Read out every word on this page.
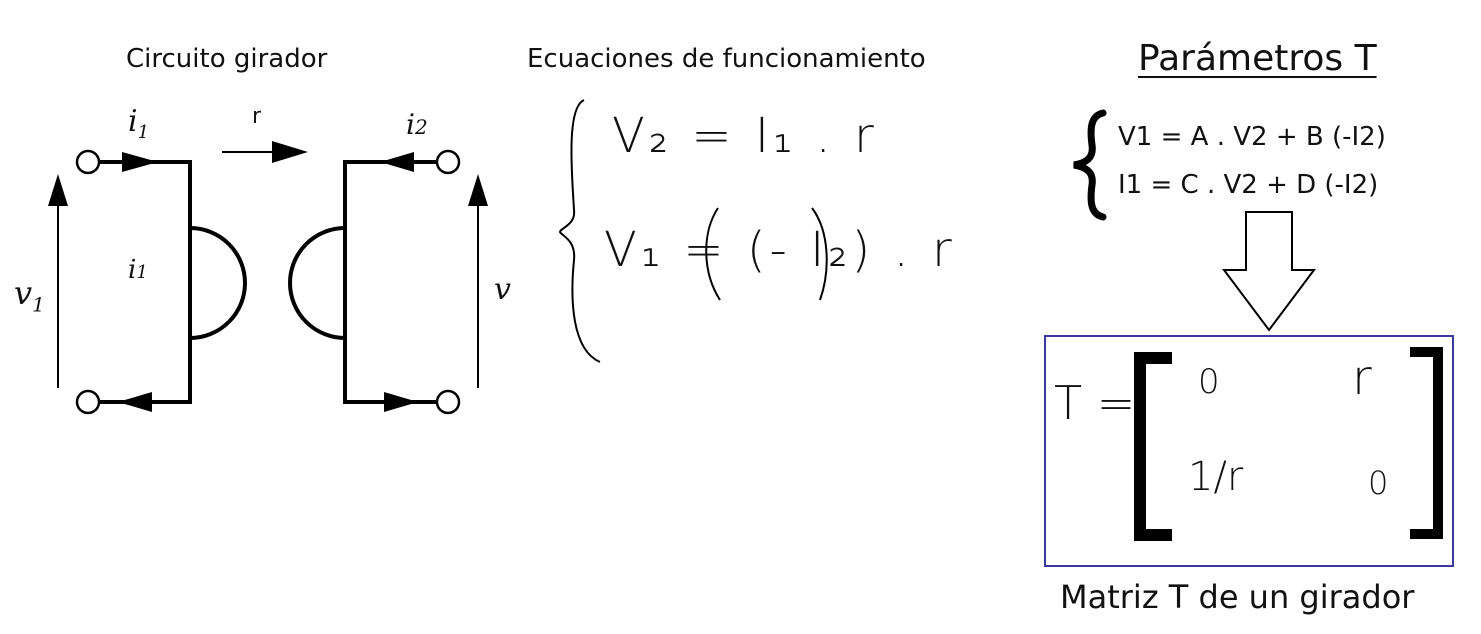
Circuito girador
$i_1$
r	i2
i1
$v_1$	v
Ecuaciones de funcionamiento
V₂ = I₁ . r
V₁ = (- I₂) . r
Parámetros T
V1 = A . V2 + B (-I2)
I1 = C . V2 + D (-I2)
T = 0	r
1/r	0
Matriz T de un girador
